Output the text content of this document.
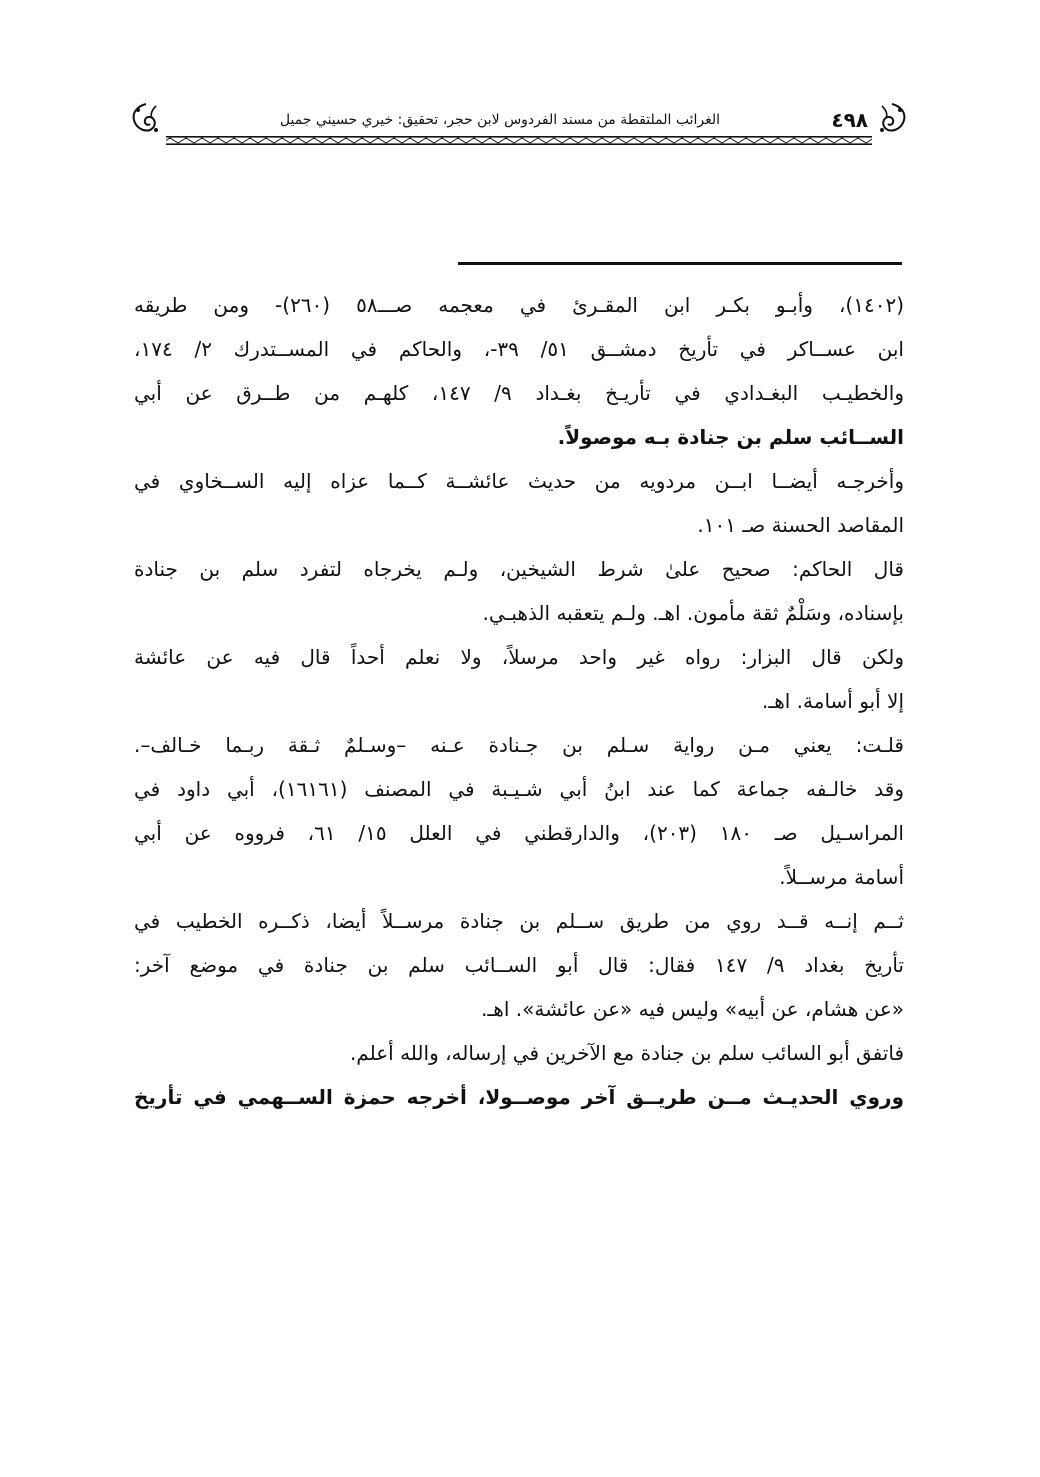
٤٩٨
الغرائب الملتقطة من مسند الفردوس لابن حجر، تحقيق: خيري حسيني جميل
(١٤٠٢)، وأبـو بكـر ابن المقـرئ في معجمه صـــ٥٨ (٢٦٠)- ومن طريقه
ابن عســاكر في تأريخ دمشــق ٥١/ ٣٩-، والحاكم في المســتدرك ٢/ ١٧٤،
والخطيـب البغـدادي في تأريـخ بغـداد ٩/ ١٤٧، كلهـم من طــرق عن أبي
الســائب سلم بن جنادة بـه موصولاً.
وأخرجـه أيضــا ابــن مردويه من حديث عائشــة كــما عزاه إليه الســخاوي في
المقاصد الحسنة صـ ١٠١.
قال الحاكم: صحيح علىٰ شرط الشيخين، ولـم يخرجاه لتفرد سلم بن جنادة
بإسناده، وسَلْمٌ ثقة مأمون. اهـ. ولـم يتعقبه الذهبـي.
ولكن قال البزار: رواه غير واحد مرسلاً، ولا نعلم أحداً قال فيه عن عائشة
إلا أبو أسامة. اهـ.
قلـت: يعني مـن رواية سـلم بن جـنادة عـنه –وسـلمٌ ثـقة ربـما خـالف–.
وقد خالـفه جماعة كما عند ابنُ أبي شـيـبة في المصنف (١٦١٦١)، أبي داود في
المراسـيل صـ ١٨٠ (٢٠٣)، والدارقطني في العلل ١٥/ ٦١، فرووه عن أبي
أسامة مرســلاً.
ثــم إنــه قــد روي من طريق ســلم بن جنادة مرســلاً أيضا، ذكــره الخطيب في
تأريخ بغداد ٩/ ١٤٧ فقال: قال أبو الســائب سلم بن جنادة في موضع آخر:
«عن هشام، عن أبيه» وليس فيه «عن عائشة». اهـ.
فاتفق أبو السائب سلم بن جنادة مع الآخرين في إرساله، والله أعلم.
وروي الحديـث مــن طريــق آخر موصــولا، أخرجه حمزة الســهمي في تأريخ
